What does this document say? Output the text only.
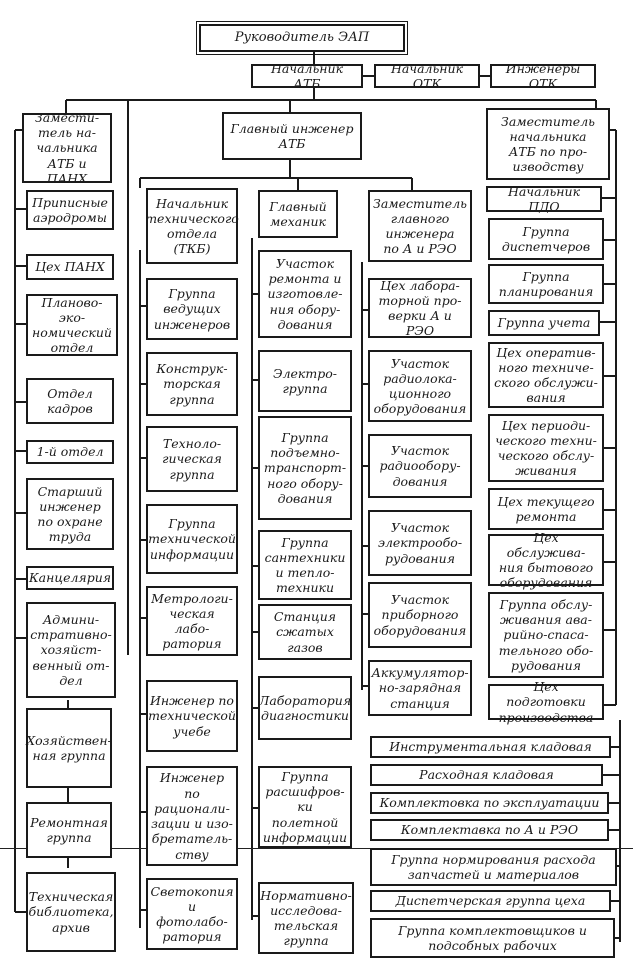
Руководитель ЭАП
Начальник АТБ
Начальник ОТК
Инженеры ОТК
Замести-
тель на-
чальника
АТБ и ПАНХ
Приписные
аэродромы
Цех ПАНХ
Планово-эко-
номический
отдел
Отдел
кадров
1-й отдел
Старший
инженер
по охране
труда
Канцелярия
Админи-
стративно-
хозяйст-
венный от-
дел
Хозяйствен-
ная группа
Ремонтная
группа
Техническая
библиотека,
архив
Главный инженер
АТБ
Начальник
технического
отдела
(ТКБ)
Группа
ведущих
инженеров
Конструк-
торская
группа
Техноло-
гическая
группа
Группа
технической
информации
Метрологи-
ческая лабо-
ратория
Инженер по
технической
учебе
Инженер по
рационали-
зации и изо-
бретатель-
ству
Светокопия
и фотолабо-
ратория
Главный
механик
Участок
ремонта и
изготовле-
ния обору-
дования
Электро-
группа
Группа
подъемно-
транспорт-
ного обору-
дования
Группа
сантехники
и тепло-
техники
Станция
сжатых
газов
Лаборатория
диагностики
Группа
расшифров-
ки полетной
информации
Нормативно-
исследова-
тельская
группа
Заместитель
главного
инженера
по А и РЭО
Цех лабора-
торной про-
верки А и РЭО
Участок
радиолока-
ционного
оборудования
Участок
радиообору-
дования
Участок
электрообо-
рудования
Участок
приборного
оборудования
Аккумулятор-
но-зарядная
станция
Заместитель
начальника
АТБ по про-
изводству
Начальник ПДО
Группа
диспетчеров
Группа
планирования
Группа учета
Цех оператив-
ного техниче-
ского обслужи-
вания
Цех периоди-
ческого техни-
ческого обслу-
живания
Цех текущего
ремонта
Цех обслужива-
ния бытового
оборудования
Группа обслу-
живания ава-
рийно-спаса-
тельного обо-
рудования
Цех подготовки
производства
Инструментальная кладовая
Расходная кладовая
Комплектовка по эксплуатации
Комплектавка по А и РЭО
Группа нормирования расхода
запчастей и материалов
Диспетчерская группа цеха
Группа комплектовщиков и
подсобных рабочих
